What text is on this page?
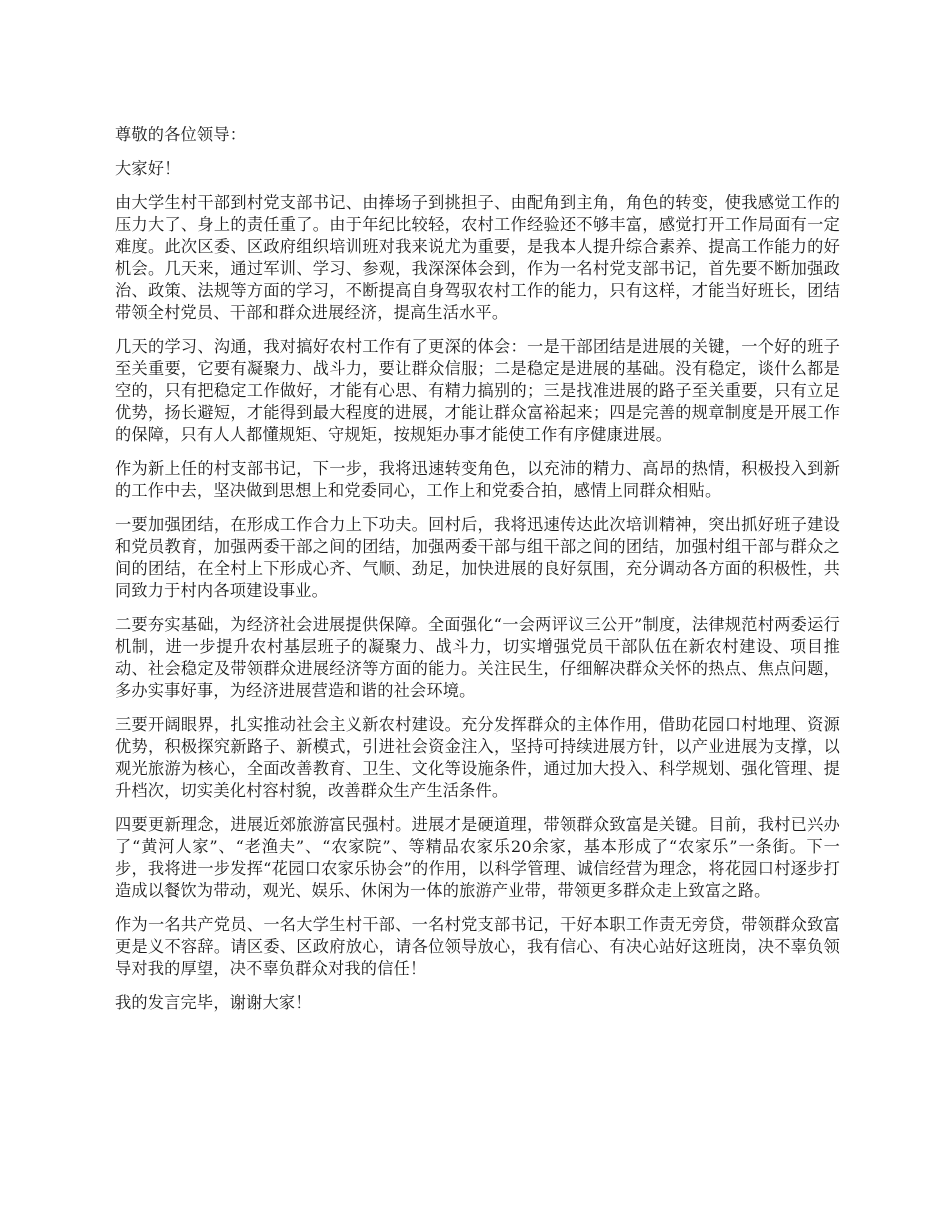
尊敬的各位领导：

大家好！

由大学生村干部到村党支部书记、由捧场子到挑担子、由配角到主角，角色的转变，使我感觉工作的压力大了、身上的责任重了。由于年纪比较轻，农村工作经验还不够丰富，感觉打开工作局面有一定难度。此次区委、区政府组织培训班对我来说尤为重要，是我本人提升综合素养、提高工作能力的好机会。几天来，通过军训、学习、参观，我深深体会到，作为一名村党支部书记，首先要不断加强政治、政策、法规等方面的学习，不断提高自身驾驭农村工作的能力，只有这样，才能当好班长，团结带领全村党员、干部和群众进展经济，提高生活水平。

几天的学习、沟通，我对搞好农村工作有了更深的体会：一是干部团结是进展的关键，一个好的班子至关重要，它要有凝聚力、战斗力，要让群众信服；二是稳定是进展的基础。没有稳定，谈什么都是空的，只有把稳定工作做好，才能有心思、有精力搞别的；三是找准进展的路子至关重要，只有立足优势，扬长避短，才能得到最大程度的进展，才能让群众富裕起来；四是完善的规章制度是开展工作的保障，只有人人都懂规矩、守规矩，按规矩办事才能使工作有序健康进展。

作为新上任的村支部书记，下一步，我将迅速转变角色，以充沛的精力、高昂的热情，积极投入到新的工作中去，坚决做到思想上和党委同心，工作上和党委合拍，感情上同群众相贴。

一要加强团结，在形成工作合力上下功夫。回村后，我将迅速传达此次培训精神，突出抓好班子建设和党员教育，加强两委干部之间的团结，加强两委干部与组干部之间的团结，加强村组干部与群众之间的团结，在全村上下形成心齐、气顺、劲足，加快进展的良好氛围，充分调动各方面的积极性，共同致力于村内各项建设事业。

二要夯实基础，为经济社会进展提供保障。全面强化“一会两评议三公开”制度，法律规范村两委运行机制，进一步提升农村基层班子的凝聚力、战斗力，切实增强党员干部队伍在新农村建设、项目推动、社会稳定及带领群众进展经济等方面的能力。关注民生，仔细解决群众关怀的热点、焦点问题，多办实事好事，为经济进展营造和谐的社会环境。

三要开阔眼界，扎实推动社会主义新农村建设。充分发挥群众的主体作用，借助花园口村地理、资源优势，积极探究新路子、新模式，引进社会资金注入，坚持可持续进展方针，以产业进展为支撑，以观光旅游为核心，全面改善教育、卫生、文化等设施条件，通过加大投入、科学规划、强化管理、提升档次，切实美化村容村貌，改善群众生产生活条件。

四要更新理念，进展近郊旅游富民强村。进展才是硬道理，带领群众致富是关键。目前，我村已兴办了“黄河人家”、“老渔夫”、“农家院”、等精品农家乐20余家，基本形成了“农家乐”一条街。下一步，我将进一步发挥“花园口农家乐协会”的作用，以科学管理、诚信经营为理念，将花园口村逐步打造成以餐饮为带动，观光、娱乐、休闲为一体的旅游产业带，带领更多群众走上致富之路。

作为一名共产党员、一名大学生村干部、一名村党支部书记，干好本职工作责无旁贷，带领群众致富更是义不容辞。请区委、区政府放心，请各位领导放心，我有信心、有决心站好这班岗，决不辜负领导对我的厚望，决不辜负群众对我的信任！

我的发言完毕，谢谢大家！
